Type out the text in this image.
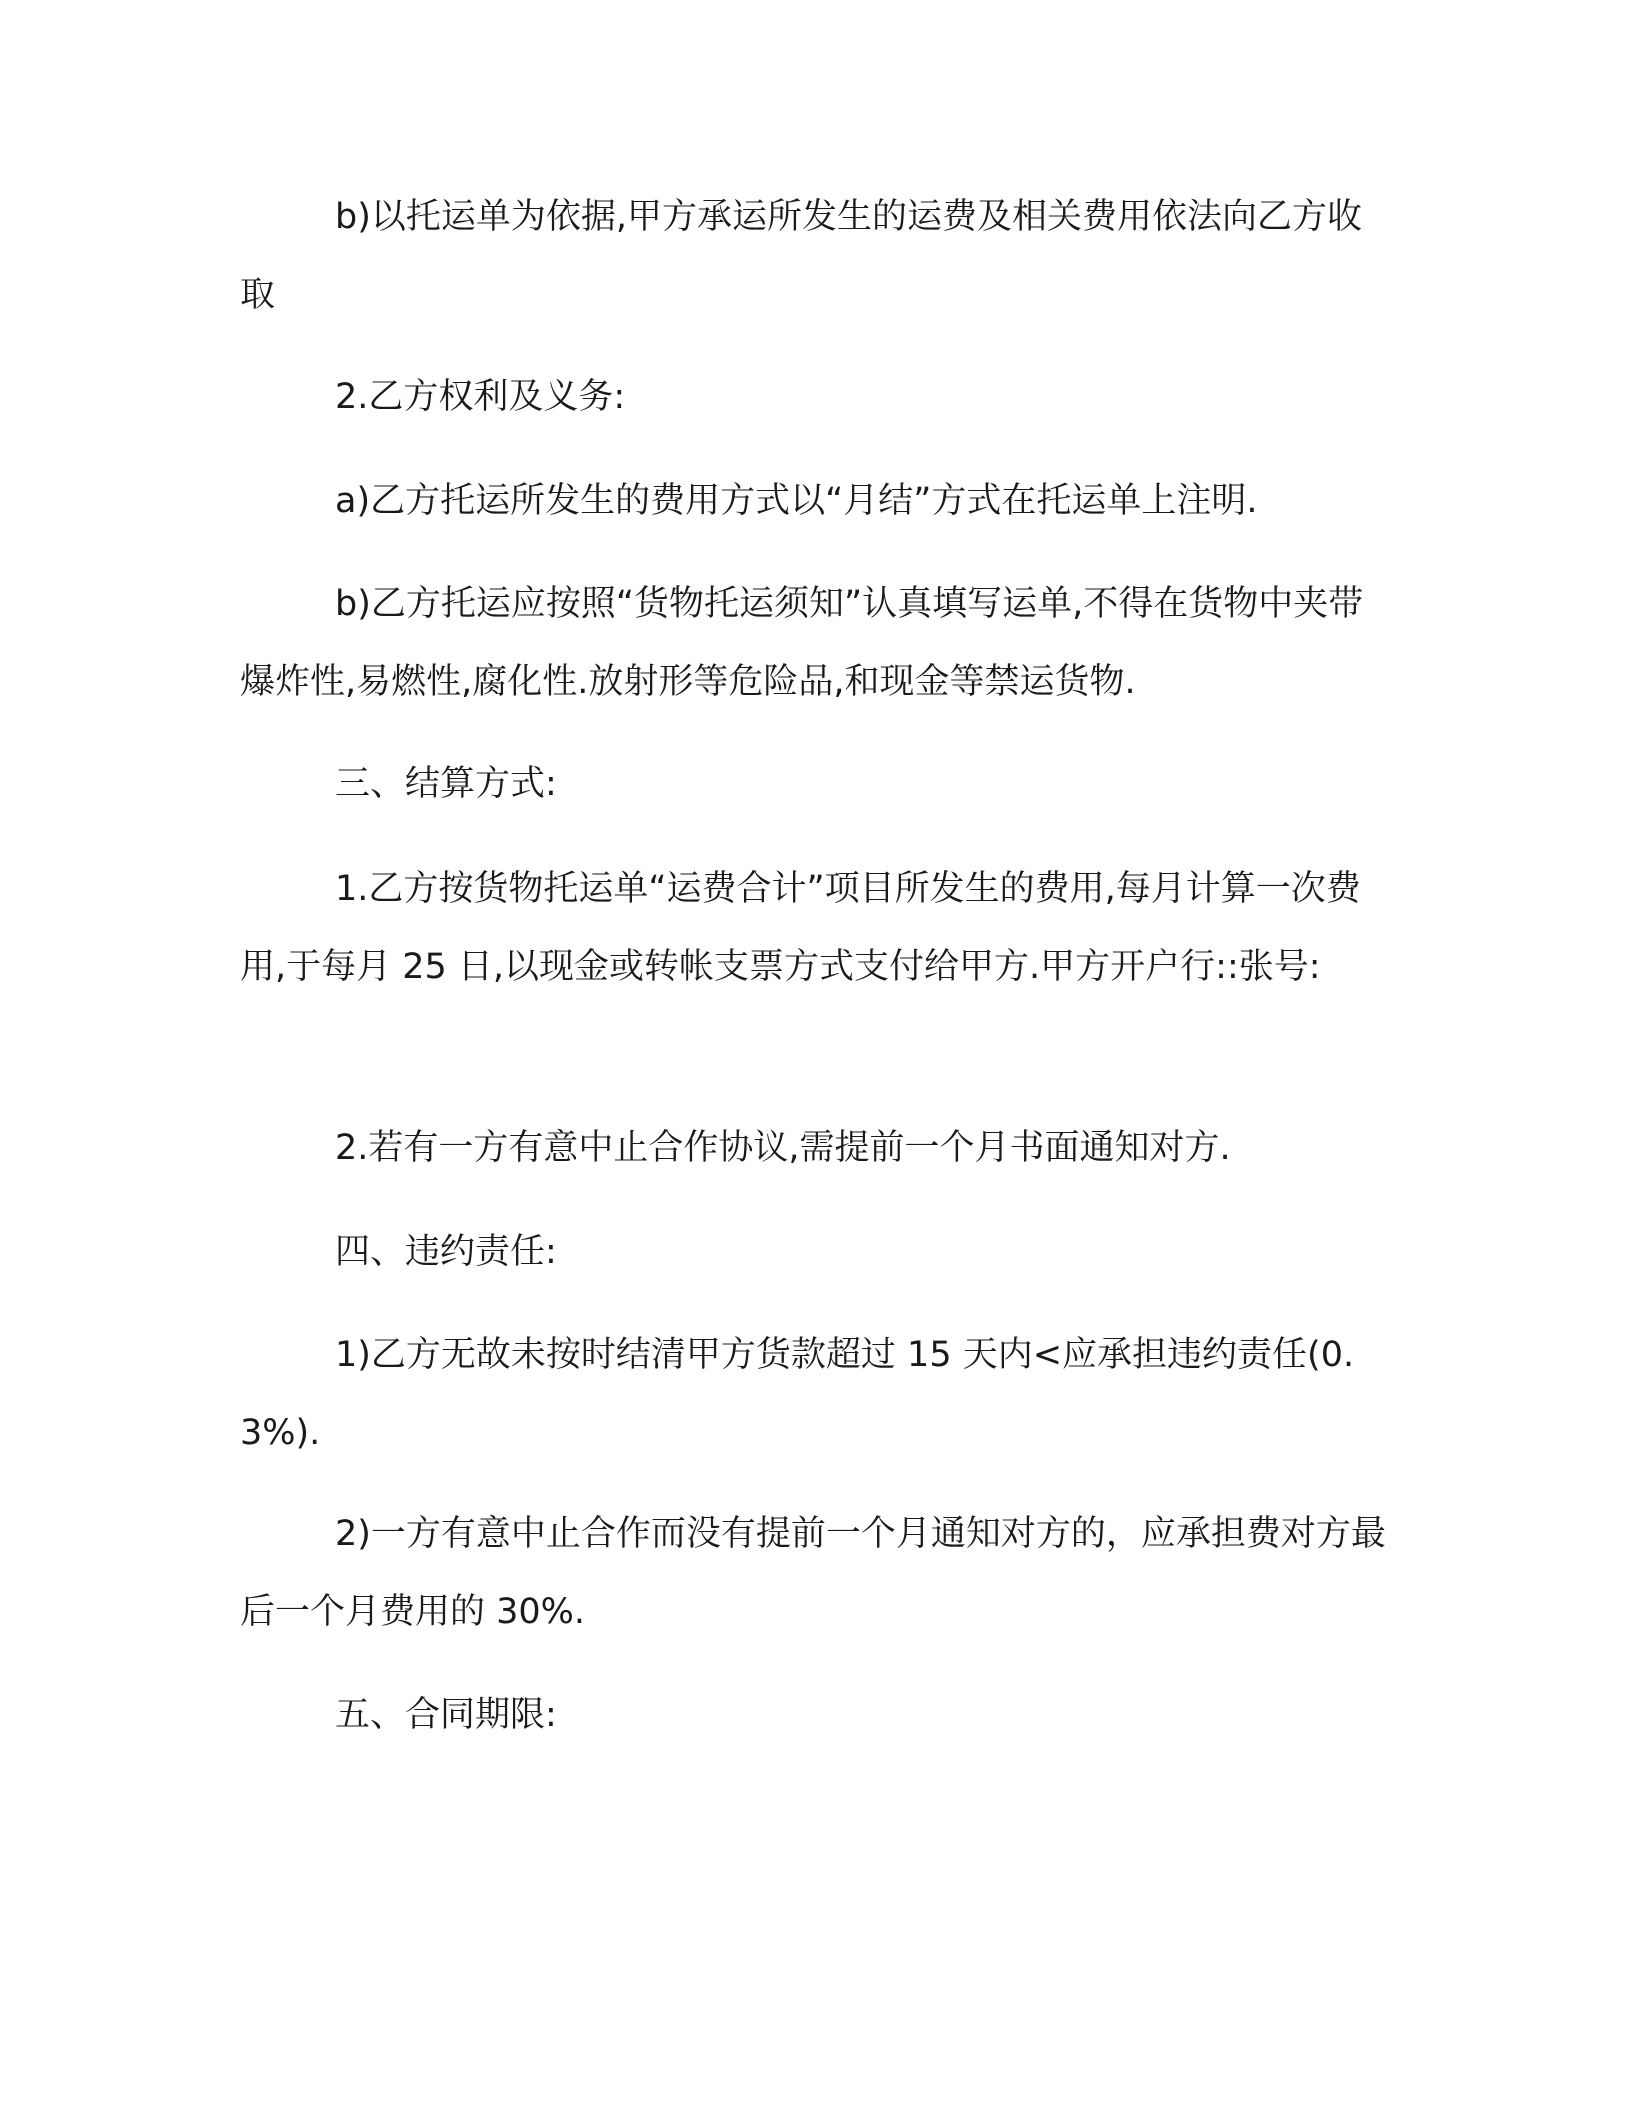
b)以托运单为依据,甲方承运所发生的运费及相关费用依法向乙方收取

2.乙方权利及义务:

a)乙方托运所发生的费用方式以“月结”方式在托运单上注明.

b)乙方托运应按照“货物托运须知”认真填写运单,不得在货物中夹带爆炸性,易燃性,腐化性.放射形等危险品,和现金等禁运货物.

三、结算方式:

1.乙方按货物托运单“运费合计”项目所发生的费用,每月计算一次费用,于每月 25 日,以现金或转帐支票方式支付给甲方.甲方开户行::张号:

2.若有一方有意中止合作协议,需提前一个月书面通知对方.

四、违约责任:

1)乙方无故未按时结清甲方货款超过 15 天内<应承担违约责任(0.3%).

2)一方有意中止合作而没有提前一个月通知对方的，应承担费对方最后一个月费用的 30%.

五、合同期限:
